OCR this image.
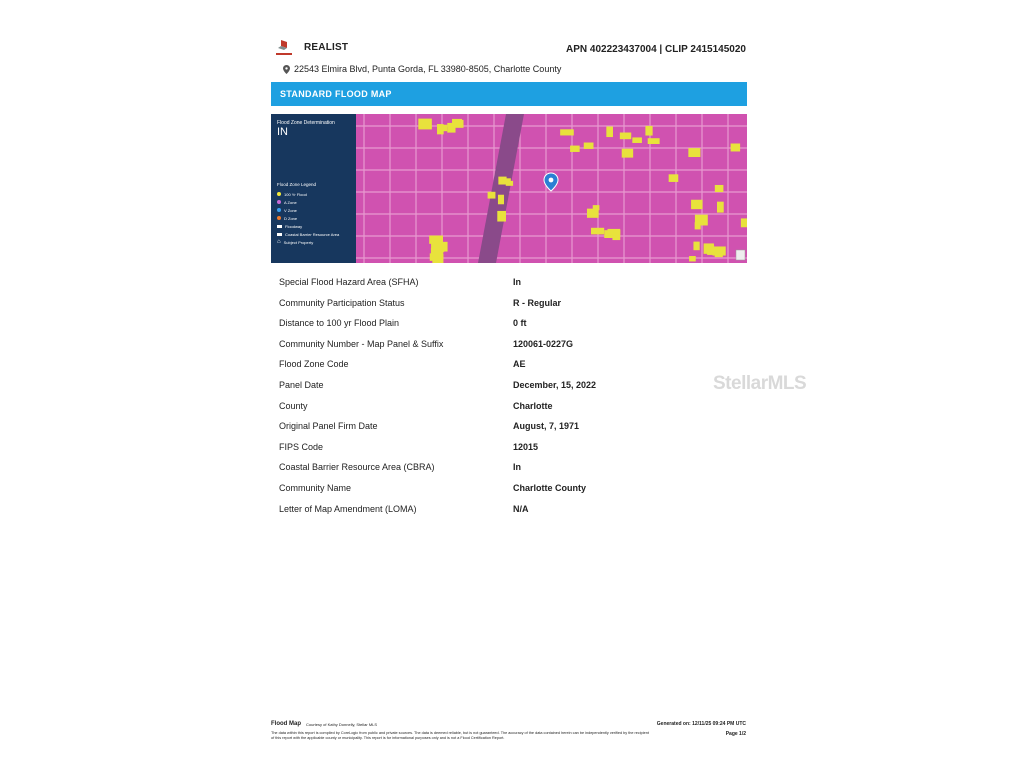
REALIST	APN 402223437004 | CLIP 2415145020
22543 Elmira Blvd, Punta Gorda, FL 33980-8505, Charlotte County
STANDARD FLOOD MAP
Flood Zone Determination
IN
Flood Zone Legend
100 Yr Flood
A Zone
V Zone
D Zone
Floodway
Coastal Barrier Resource Area
⌂ Subject Property
Special Flood Hazard Area (SFHA)	In
Community Participation Status	R - Regular
Distance to 100 yr Flood Plain	0 ft
Community Number - Map Panel & Suffix	120061-0227G
Flood Zone Code	AE
Panel Date	December, 15, 2022
County	Charlotte
Original Panel Firm Date	August, 7, 1971
FIPS Code	12015
Coastal Barrier Resource Area (CBRA)	In
Community Name	Charlotte County
Letter of Map Amendment (LOMA)	N/A
StellarMLS
Flood Map Courtesy of Kathy Donnelly, Stellar MLS	Generated on: 12/11/25 09:24 PM UTC
The data within this report is compiled by CoreLogic from public and private sources. The data is deemed reliable, but is not guaranteed. The accuracy of the data contained herein can be independently verified by the recipient of this report with the applicable county or municipality. This report is for informational purposes only and is not a Flood Certification Report.
Page 1/2
